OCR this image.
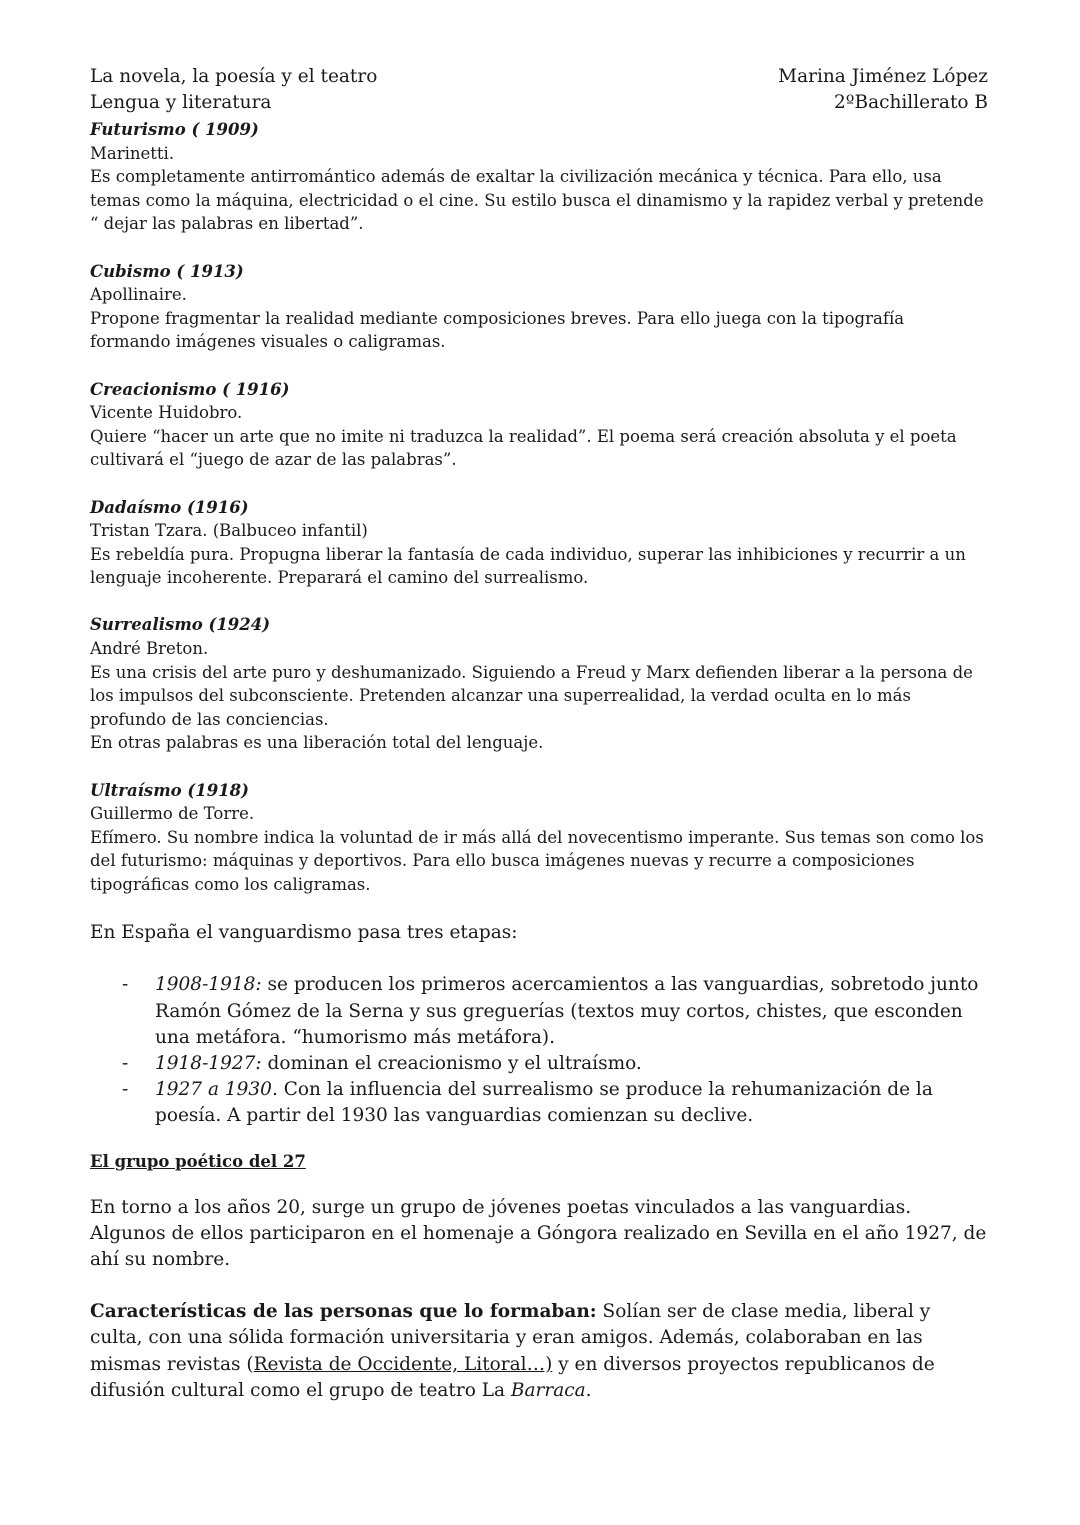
La novela, la poesía y el teatro
Lengua y literatura
Marina Jiménez López
2ºBachillerato B
Futurismo ( 1909)
Marinetti.
Es completamente antirromántico además de exaltar la civilización mecánica y técnica. Para ello, usa temas como la máquina, electricidad o el cine. Su estilo busca el dinamismo y la rapidez verbal y pretende “ dejar las palabras en libertad”.
Cubismo ( 1913)
Apollinaire.
Propone fragmentar la realidad mediante composiciones breves. Para ello juega con la tipografía formando imágenes visuales o caligramas.
Creacionismo ( 1916)
Vicente Huidobro.
Quiere “hacer un arte que no imite ni traduzca la realidad”. El poema será creación absoluta y el poeta cultivará el “juego de azar de las palabras”.
Dadaísmo (1916)
Tristan Tzara. (Balbuceo infantil)
Es rebeldía pura. Propugna liberar la fantasía de cada individuo, superar las inhibiciones y recurrir a un lenguaje incoherente. Preparará el camino del surrealismo.
Surrealismo (1924)
André Breton.
Es una crisis del arte puro y deshumanizado. Siguiendo a Freud y Marx defienden liberar a la persona de los impulsos del subconsciente. Pretenden alcanzar una superrealidad, la verdad oculta en lo más profundo de las conciencias.
En otras palabras es una liberación total del lenguaje.
Ultraísmo (1918)
Guillermo de Torre.
Efímero. Su nombre indica la voluntad de ir más allá del novecentismo imperante. Sus temas son como los del futurismo: máquinas y deportivos. Para ello busca imágenes nuevas y recurre a composiciones tipográficas como los caligramas.
En España el vanguardismo pasa tres etapas:
- 1908-1918: se producen los primeros acercamientos a las vanguardias, sobretodo junto Ramón Gómez de la Serna y sus greguerías (textos muy cortos, chistes, que esconden una metáfora. “humorismo más metáfora).
- 1918-1927: dominan el creacionismo y el ultraísmo.
- 1927 a 1930. Con la influencia del surrealismo se produce la rehumanización de la poesía. A partir del 1930 las vanguardias comienzan su declive.
El grupo poético del 27
En torno a los años 20, surge un grupo de jóvenes poetas vinculados a las vanguardias. Algunos de ellos participaron en el homenaje a Góngora realizado en Sevilla en el año 1927, de ahí su nombre.
Características de las personas que lo formaban: Solían ser de clase media, liberal y culta, con una sólida formación universitaria y eran amigos. Además, colaboraban en las mismas revistas (Revista de Occidente, Litoral…) y en diversos proyectos republicanos de difusión cultural como el grupo de teatro La Barraca.
